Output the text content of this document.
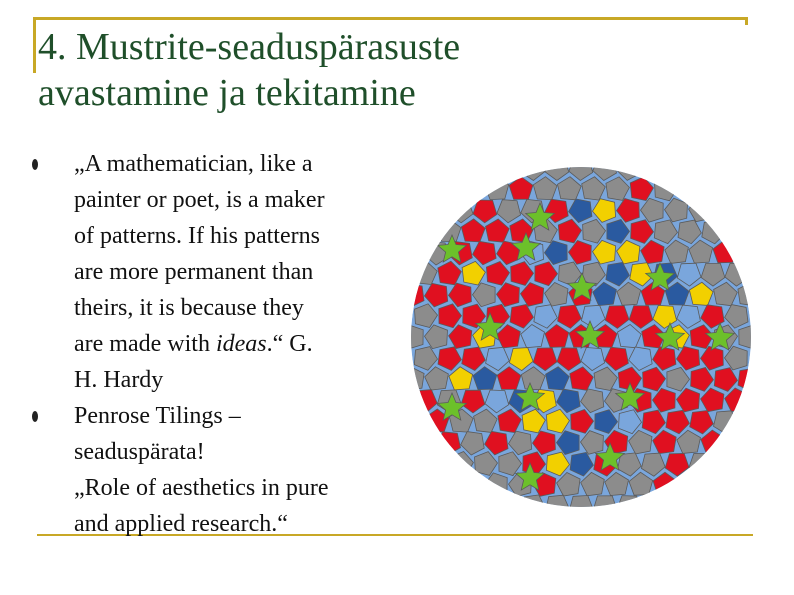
4. Mustrite-seaduspärasuste
avastamine ja tekitamine
„A mathematician, like a
painter or poet, is a maker
of patterns. If his patterns
are more permanent than
theirs, it is because they
are made with ideas.“ G.
H. Hardy
Penrose Tilings –
seaduspärata!
„Role of aesthetics in pure
and applied research.“
